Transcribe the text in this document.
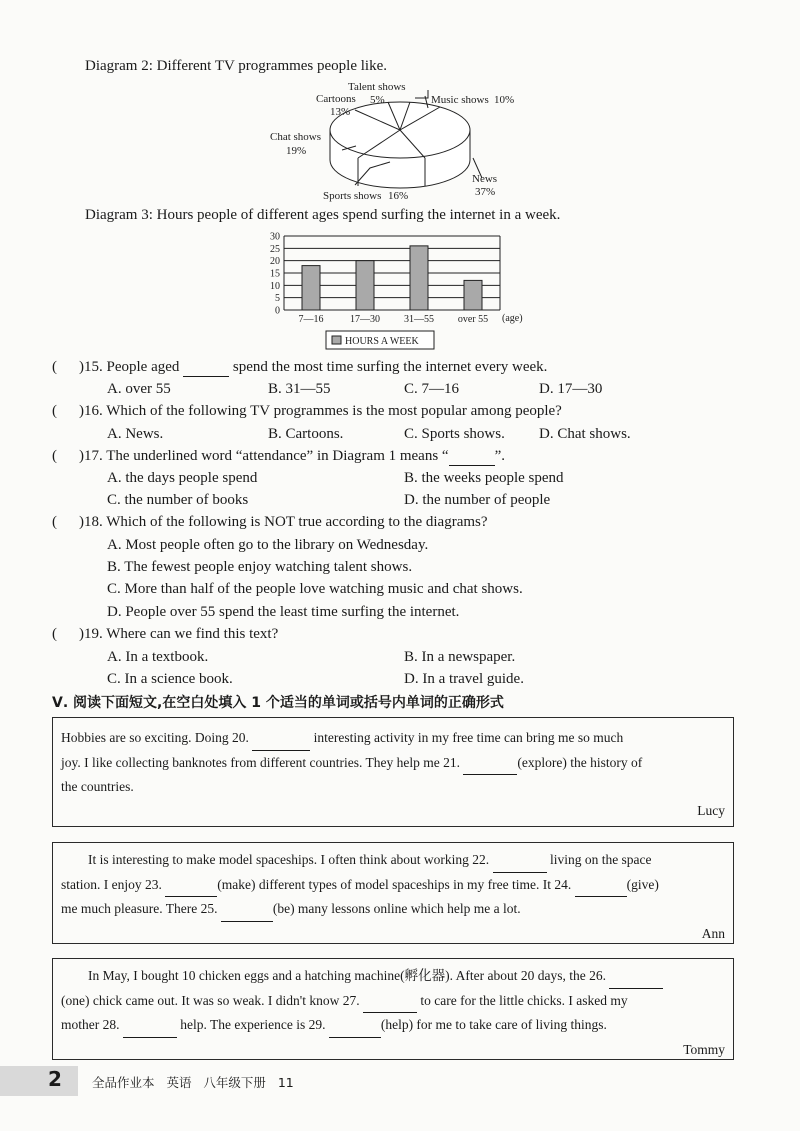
Diagram 2: Different TV programmes people like.
Talent shows
5%
Cartoons
13%
Music shows 10%
Chat shows
19%
News
37%
Sports shows 16%
Diagram 3: Hours people of different ages spend surfing the internet in a week.
0
5
10
15
20
25
30
7—16	17—30 31—55 over 55 (age)
HOURS A WEEK
( )15. People aged	spend the most time surfing the internet every week.
A. over 55	B. 31—55	C. 7—16	D. 17—30
( )16. Which of the following TV programmes is the most popular among people?
A. News.	B. Cartoons.	C. Sports shows. D. Chat shows.
( )17. The underlined word “attendance” in Diagram 1 means “	”.
A. the days people spend	B. the weeks people spend
C. the number of books	D. the number of people
( )18. Which of the following is NOT true according to the diagrams?
A. Most people often go to the library on Wednesday.
B. The fewest people enjoy watching talent shows.
C. More than half of the people love watching music and chat shows.
D. People over 55 spend the least time surfing the internet.
( )19. Where can we find this text?
A. In a textbook.	B. In a newspaper.
C. In a science book.	D. In a travel guide.
Ⅴ. 阅读下面短文,在空白处填入 1 个适当的单词或括号内单词的正确形式

Hobbies are so exciting. Doing 20.	interesting activity in my free time can bring me so much

joy. I like collecting banknotes from different countries. They help me 21.	(explore) the history of

the countries.

Lucy

It is interesting to make model spaceships. I often think about working 22.	living on the space

station. I enjoy 23.	(make) different types of model spaceships in my free time. It 24.	(give)

me much pleasure. There 25.	(be) many lessons online which help me a lot.

Ann

In May, I bought 10 chicken eggs and a hatching machine(孵化器). After about 20 days, the 26.

(one) chick came out. It was so weak. I didn't know 27.	to care for the little chicks. I asked my

mother 28.	help. The experience is 29.	(help) for me to take care of living things.

Tommy

2 全品作业本 英语 八年级下册 11
